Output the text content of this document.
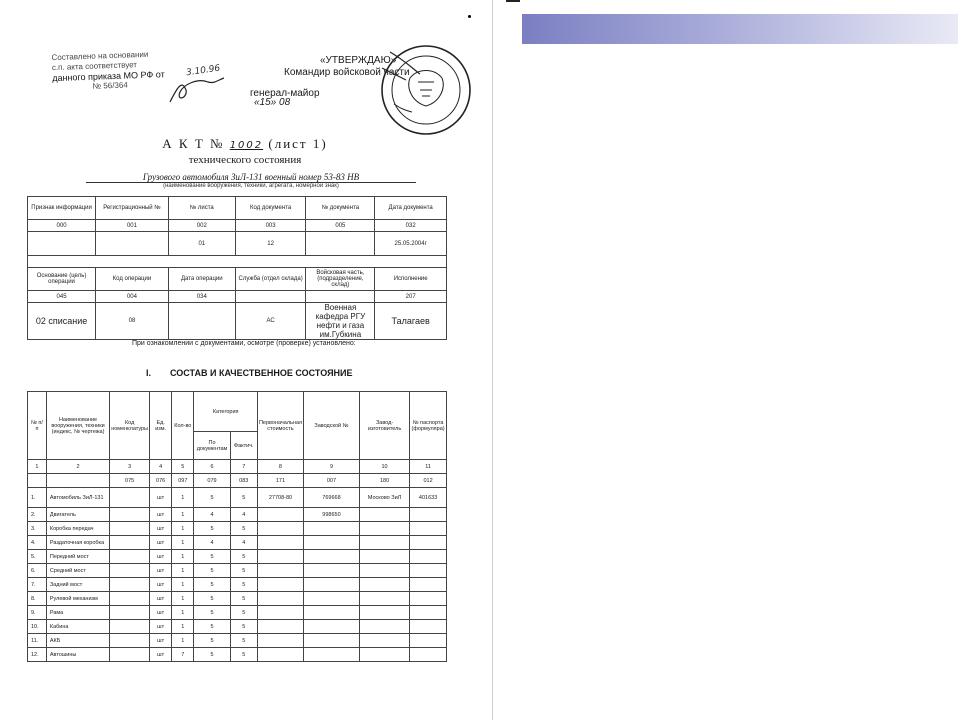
Составлено на основании
с.п. акта соответствует
данного приказа МО РФ от
№ 56/364
3.10.96
«УТВЕРЖДАЮ»
Командир войсковой части
генерал-майор
«15» 08
А К Т № 1002 (лист 1)
технического состояния
Грузового автомобиля ЗиЛ-131 военный номер 53-83 НВ
(наименование вооружения, техники, агрегата, номерной знак)
Признак информации	Регистрационный №	№ листа	Код документа	№ документа	Дата документа
000	001	002	003	005	032
		01	12		25.05.2004г

Основание (цель) операции	Код операции	Дата операции	Служба (отдел склада)	Войсковая часть, (подразделение, склад)	Исполнение
045	004	034			207
02 списание	08		АС	Военная кафедра РГУ нефти и газа им.Губкина	Талагаев
При ознакомлении с документами, осмотре (проверке) установлено:
I. СОСТАВ И КАЧЕСТВЕННОЕ СОСТОЯНИЕ
№ п/ п	Наименование вооружения, техники (индекс, № чертежа)	Код номенклатуры	Ед. изм.	Кол-во	Категория		Первоначальная стоимость	Заводской №	Завод-изготовитель	№ паспорта (формуляра)
					По документам	Фактич.				
1	2	3	4	5	6	7	8	9	10	11
		075	076	097	079	083	171	007	180	012
1.	Автомобиль ЗиЛ-131		шт	1	5	5	27708-80	769668	Москово ЗиЛ	401633
2.	Двигатель		шт	1	4	4		998650		
3.	Коробка передач		шт	1	5	5				
4.	Раздаточная коробка		шт	1	4	4				
5.	Передний мост		шт	1	5	5				
6.	Средний мост		шт	1	5	5				
7.	Задний мост		шт	1	5	5				
8.	Рулевой механизм		шт	1	5	5				
9.	Рама		шт	1	5	5				
10.	Кабина		шт	1	5	5				
11.	АКБ		шт	1	5	5				
12.	Автошины		шт	7	5	5				
